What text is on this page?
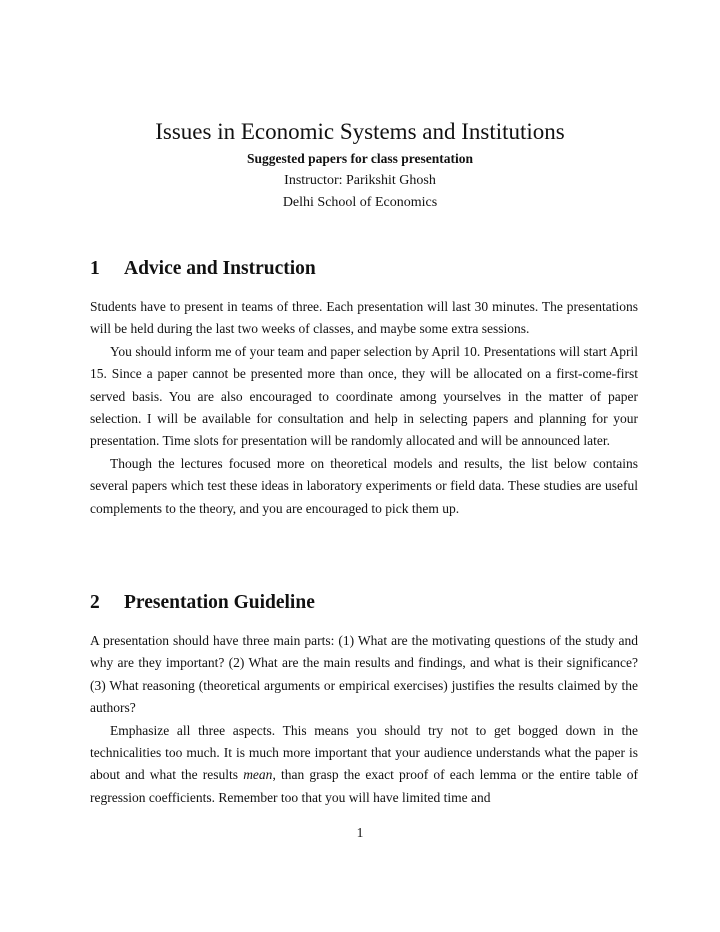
Issues in Economic Systems and Institutions
Suggested papers for class presentation
Instructor: Parikshit Ghosh
Delhi School of Economics
1 Advice and Instruction

Students have to present in teams of three. Each presentation will last 30 minutes. The presentations will be held during the last two weeks of classes, and maybe some extra sessions.

You should inform me of your team and paper selection by April 10. Presentations will start April 15. Since a paper cannot be presented more than once, they will be allocated on a first-come-first served basis. You are also encouraged to coordinate among yourselves in the matter of paper selection. I will be available for consultation and help in selecting papers and planning for your presentation. Time slots for presentation will be randomly allocated and will be announced later.

Though the lectures focused more on theoretical models and results, the list below contains several papers which test these ideas in laboratory experiments or field data. These studies are useful complements to the theory, and you are encouraged to pick them up.

2 Presentation Guideline

A presentation should have three main parts: (1) What are the motivating questions of the study and why are they important? (2) What are the main results and findings, and what is their significance? (3) What reasoning (theoretical arguments or empirical exercises) justifies the results claimed by the authors?

Emphasize all three aspects. This means you should try not to get bogged down in the technicalities too much. It is much more important that your audience understands what the paper is about and what the results mean, than grasp the exact proof of each lemma or the entire table of regression coefficients. Remember too that you will have limited time and

1
